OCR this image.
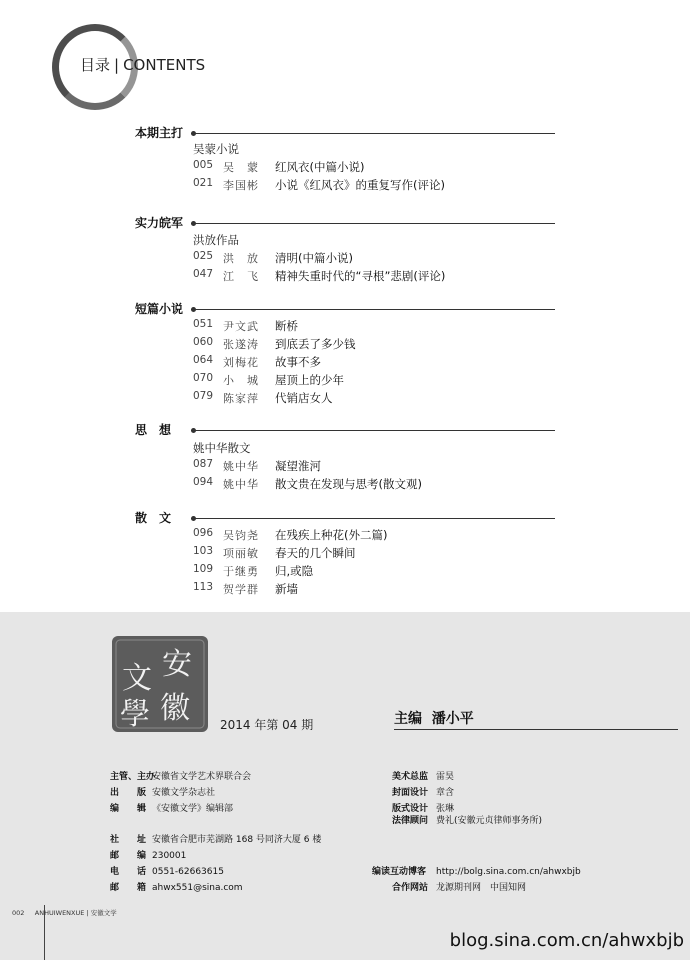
目录 | CONTENTS
本期主打
吴蒙小说
005 吴　蒙	红风衣(中篇小说)
021 李国彬	小说《红风衣》的重复写作(评论)
实力皖军
洪放作品
025 洪　放	清明(中篇小说)
047 江　飞	精神失重时代的“寻根”悲剧(评论)
短篇小说
051 尹文武	断桥
060 张遂涛	到底丢了多少钱
064 刘梅花	故事不多
070 小　城	屋顶上的少年
079 陈家萍	代销店女人
思　想
姚中华散文
087 姚中华	凝望淮河
094 姚中华	散文贵在发现与思考(散文观)
散　文
096 吴钧尧	在残疾上种花(外二篇)
103 项丽敏	春天的几个瞬间
109 于继勇	归,或隐
113 贺学群	新墙
安
文
徽
學	2014 年第 04 期	主编 潘小平
主管、主办安徽省文学艺术界联合会
出　　版 安徽文学杂志社
编　　辑 《安徽文学》编辑部
社　　址 安徽省合肥市芜湖路 168 号同济大厦 6 楼
邮　　编 230001
电　　话 0551-62663615
邮　　箱 ahwx551@sina.com
美术总监 雷昊
封面设计 章含
版式设计 张琳
法律顾问 费礼(安徽元贞律师事务所)
编读互动博客 http://bolg.sina.com.cn/ahwxbjb
合作网站 龙源期刊网　中国知网
002 ANHUIWENXUE | 安徽文学
blog.sina.com.cn/ahwxbjb
